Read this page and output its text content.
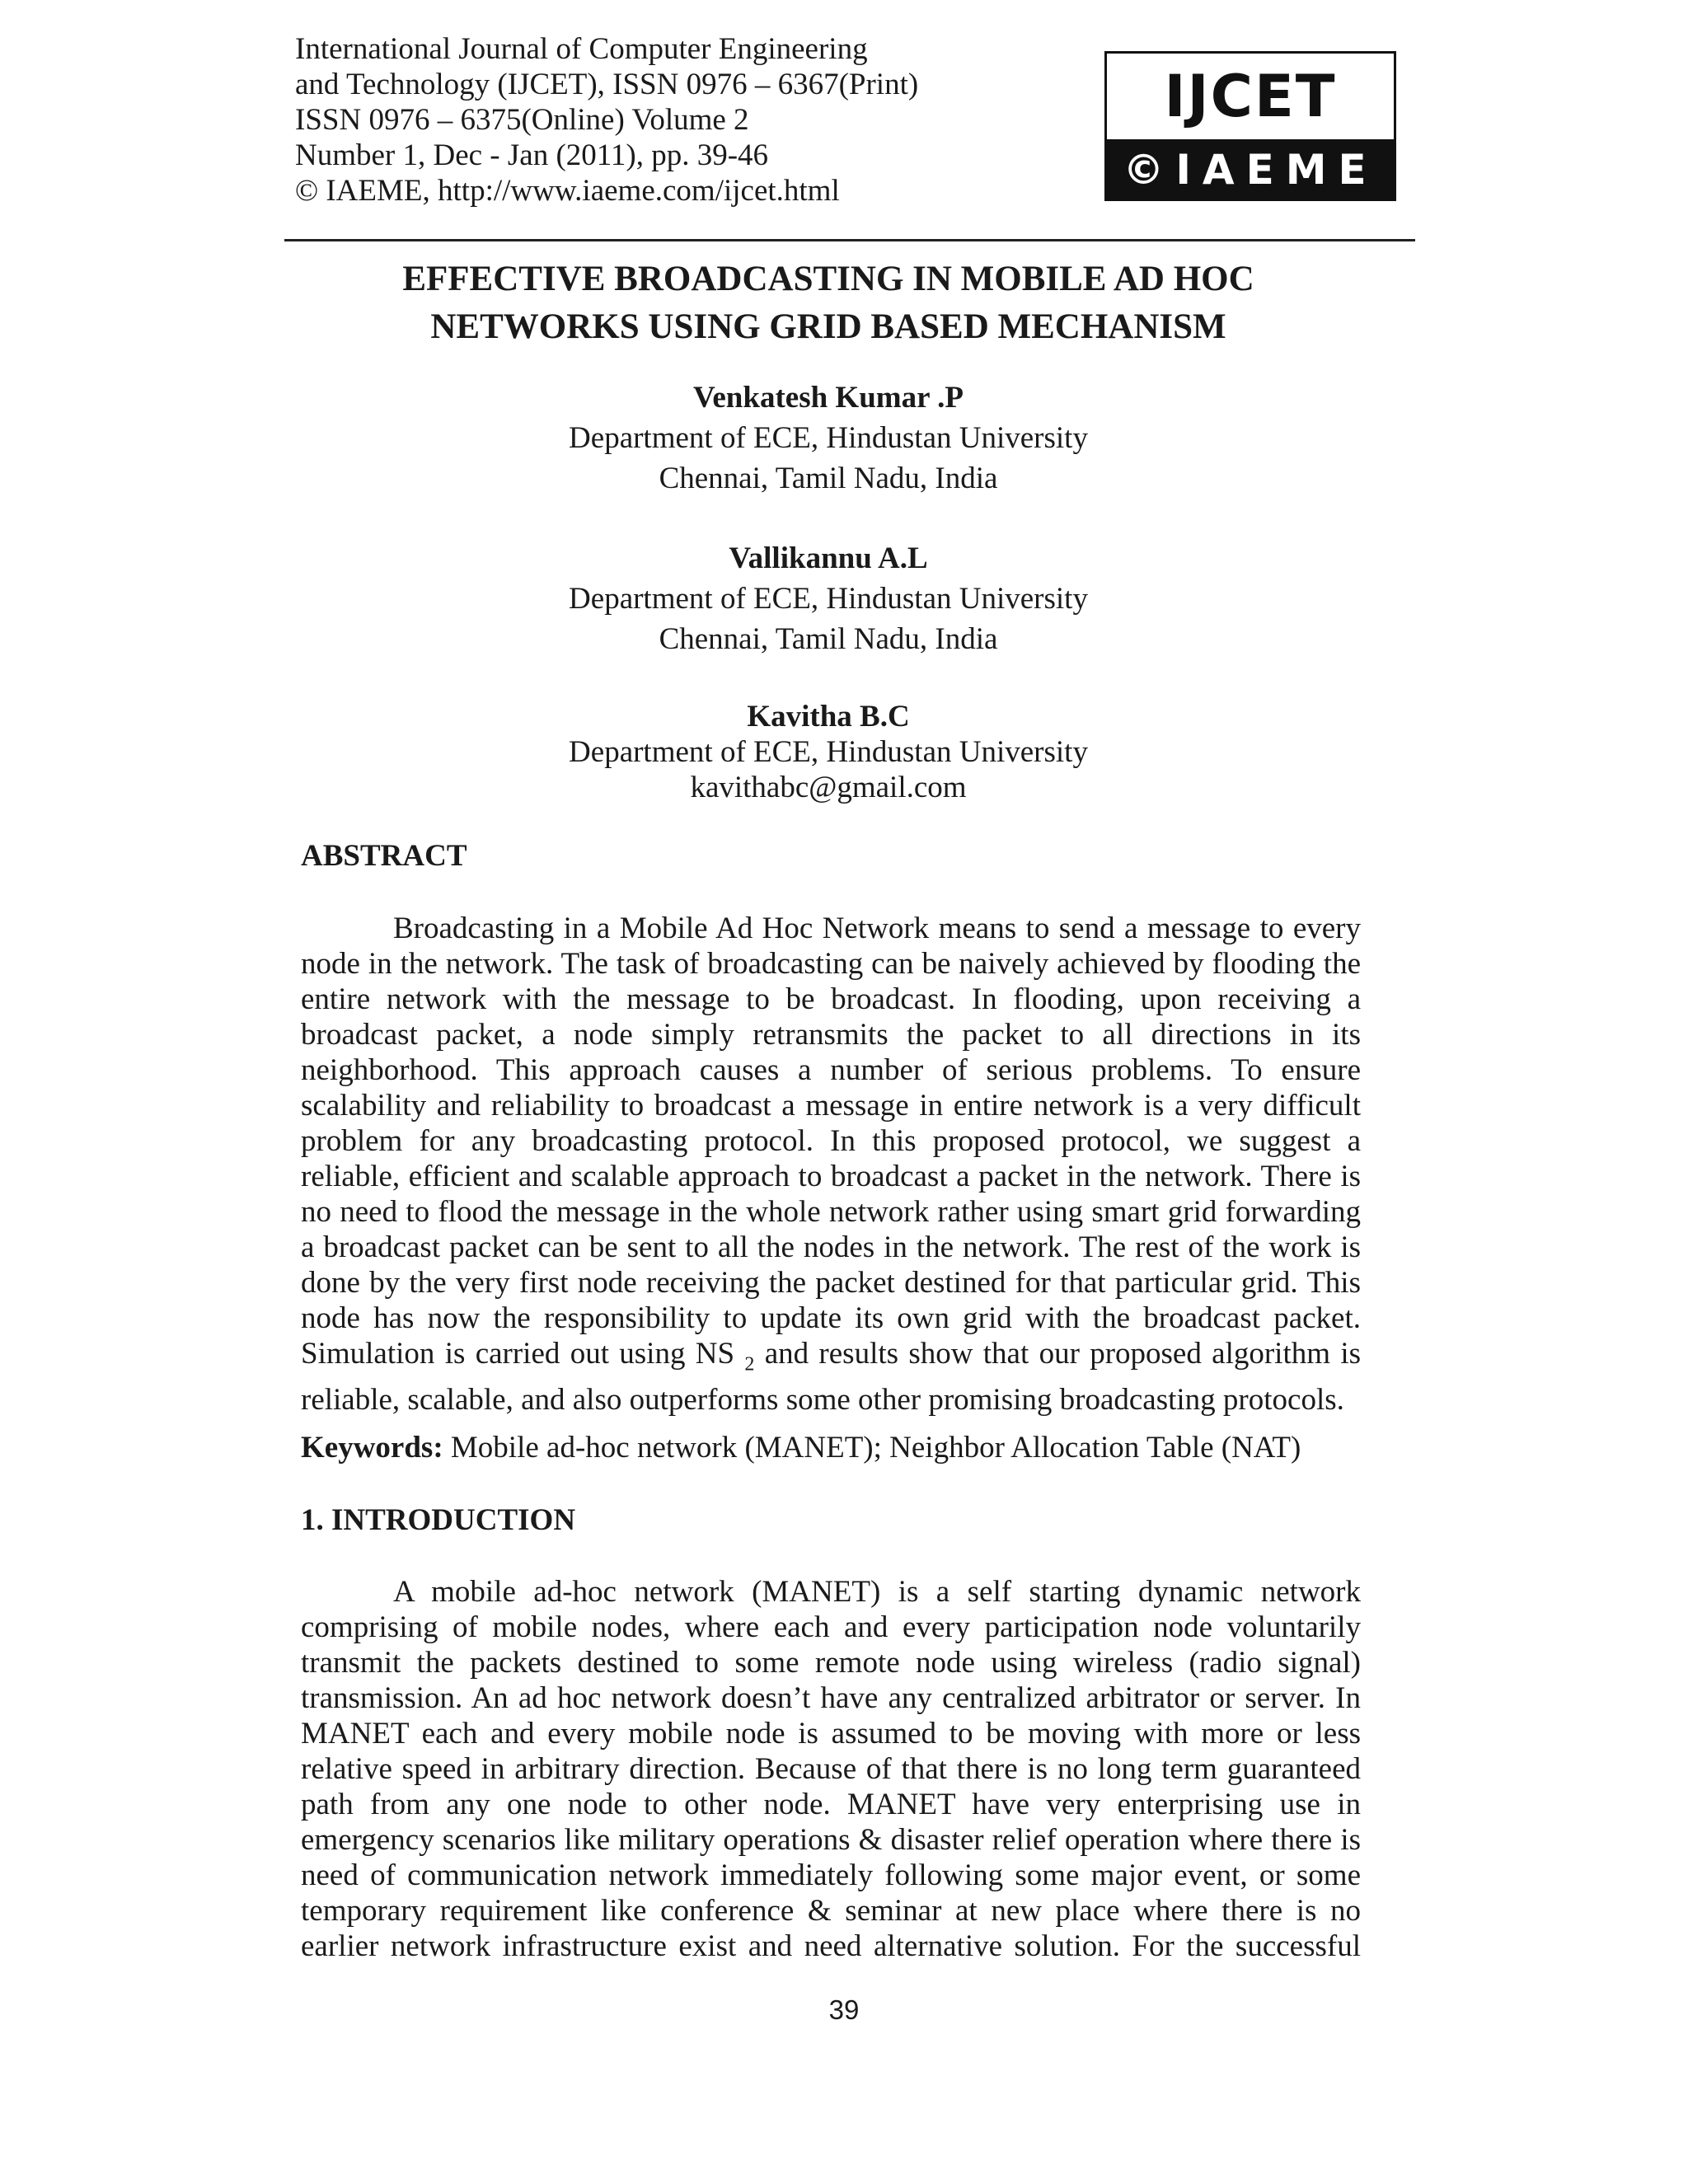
International Journal of Computer Engineering
and Technology (IJCET), ISSN 0976 – 6367(Print)
ISSN 0976 – 6375(Online) Volume 2
Number 1, Dec - Jan (2011), pp. 39-46
© IAEME, http://www.iaeme.com/ijcet.html
IJCET
©IAEME
EFFECTIVE BROADCASTING IN MOBILE AD HOC
NETWORKS USING GRID BASED MECHANISM
Venkatesh Kumar .P
Department of ECE, Hindustan University
Chennai, Tamil Nadu, India
Vallikannu A.L
Department of ECE, Hindustan University
Chennai, Tamil Nadu, India
Kavitha B.C
Department of ECE, Hindustan University
kavithabc@gmail.com
ABSTRACT
Broadcasting in a Mobile Ad Hoc Network means to send a message to every
node in the network. The task of broadcasting can be naively achieved by flooding the
entire network with the message to be broadcast. In flooding, upon receiving a
broadcast packet, a node simply retransmits the packet to all directions in its
neighborhood. This approach causes a number of serious problems. To ensure
scalability and reliability to broadcast a message in entire network is a very difficult
problem for any broadcasting protocol. In this proposed protocol, we suggest a
reliable, efficient and scalable approach to broadcast a packet in the network. There is
no need to flood the message in the whole network rather using smart grid forwarding
a broadcast packet can be sent to all the nodes in the network. The rest of the work is
done by the very first node receiving the packet destined for that particular grid. This
node has now the responsibility to update its own grid with the broadcast packet.
Simulation is carried out using NS $_2$ and results show that our proposed algorithm is
reliable, scalable, and also outperforms some other promising broadcasting protocols.
Keywords: Mobile ad-hoc network (MANET); Neighbor Allocation Table (NAT)
1. INTRODUCTION
A mobile ad-hoc network (MANET) is a self starting dynamic network
comprising of mobile nodes, where each and every participation node voluntarily
transmit the packets destined to some remote node using wireless (radio signal)
transmission. An ad hoc network doesn’t have any centralized arbitrator or server. In
MANET each and every mobile node is assumed to be moving with more or less
relative speed in arbitrary direction. Because of that there is no long term guaranteed
path from any one node to other node. MANET have very enterprising use in
emergency scenarios like military operations & disaster relief operation where there is
need of communication network immediately following some major event, or some
temporary requirement like conference & seminar at new place where there is no
earlier network infrastructure exist and need alternative solution. For the successful
39
